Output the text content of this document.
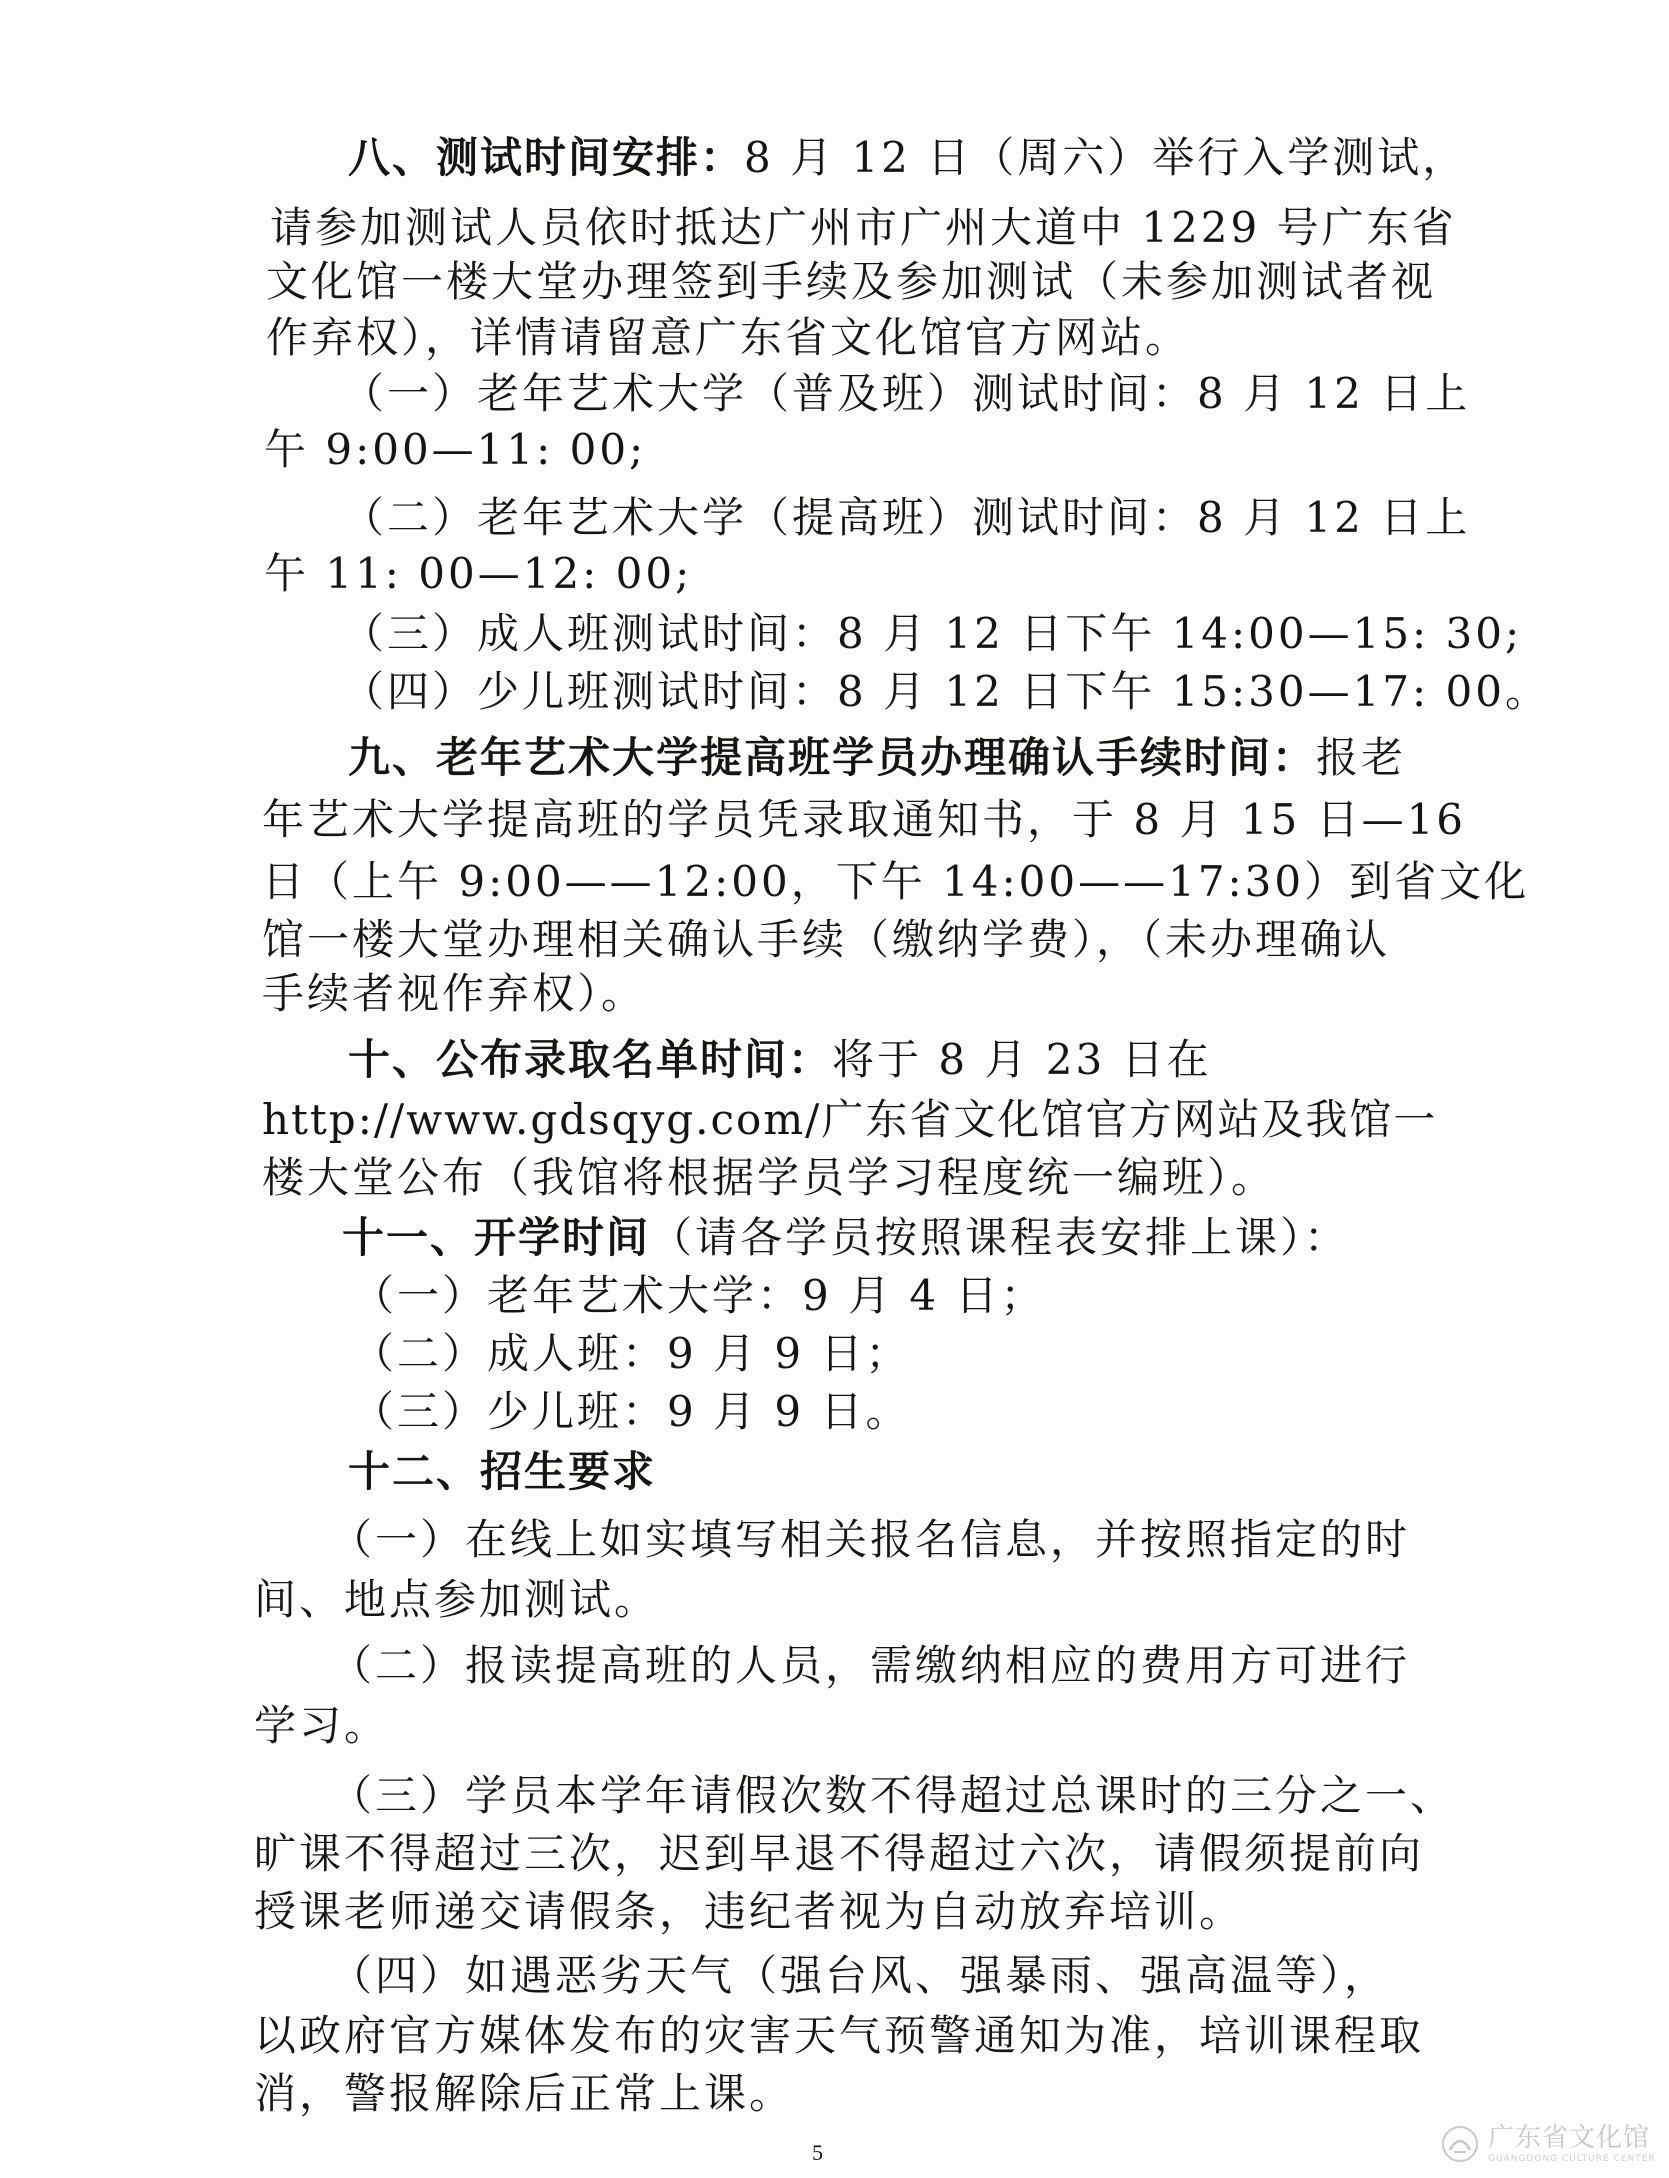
八、测试时间安排：8 月 12 日（周六）举行入学测试，
请参加测试人员依时抵达广州市广州大道中 1229 号广东省
文化馆一楼大堂办理签到手续及参加测试（未参加测试者视
作弃权），详情请留意广东省文化馆官方网站。
（一）老年艺术大学（普及班）测试时间：8 月 12 日上
午 9:00—11: 00;
（二）老年艺术大学（提高班）测试时间：8 月 12 日上
午 11: 00—12: 00;
（三）成人班测试时间：8 月 12 日下午 14:00—15: 30;
（四）少儿班测试时间：8 月 12 日下午 15:30—17: 00。
九、老年艺术大学提高班学员办理确认手续时间：报老
年艺术大学提高班的学员凭录取通知书，于 8 月 15 日—16
日（上午 9:00——12:00，下午 14:00——17:30）到省文化
馆一楼大堂办理相关确认手续（缴纳学费），（未办理确认
手续者视作弃权）。
十、公布录取名单时间：将于 8 月 23 日在
http://www.gdsqyg.com/广东省文化馆官方网站及我馆一
楼大堂公布（我馆将根据学员学习程度统一编班）。
十一、开学时间（请各学员按照课程表安排上课）：
（一）老年艺术大学：9 月 4 日；
（二）成人班：9 月 9 日；
（三）少儿班：9 月 9 日。
十二、招生要求
（一）在线上如实填写相关报名信息，并按照指定的时
间、地点参加测试。
（二）报读提高班的人员，需缴纳相应的费用方可进行
学习。
（三）学员本学年请假次数不得超过总课时的三分之一、
旷课不得超过三次，迟到早退不得超过六次，请假须提前向
授课老师递交请假条，违纪者视为自动放弃培训。
（四）如遇恶劣天气（强台风、强暴雨、强高温等），
以政府官方媒体发布的灾害天气预警通知为准，培训课程取
消，警报解除后正常上课。
5	广东省文化馆
GUANGDONG CULTURE CENTER
